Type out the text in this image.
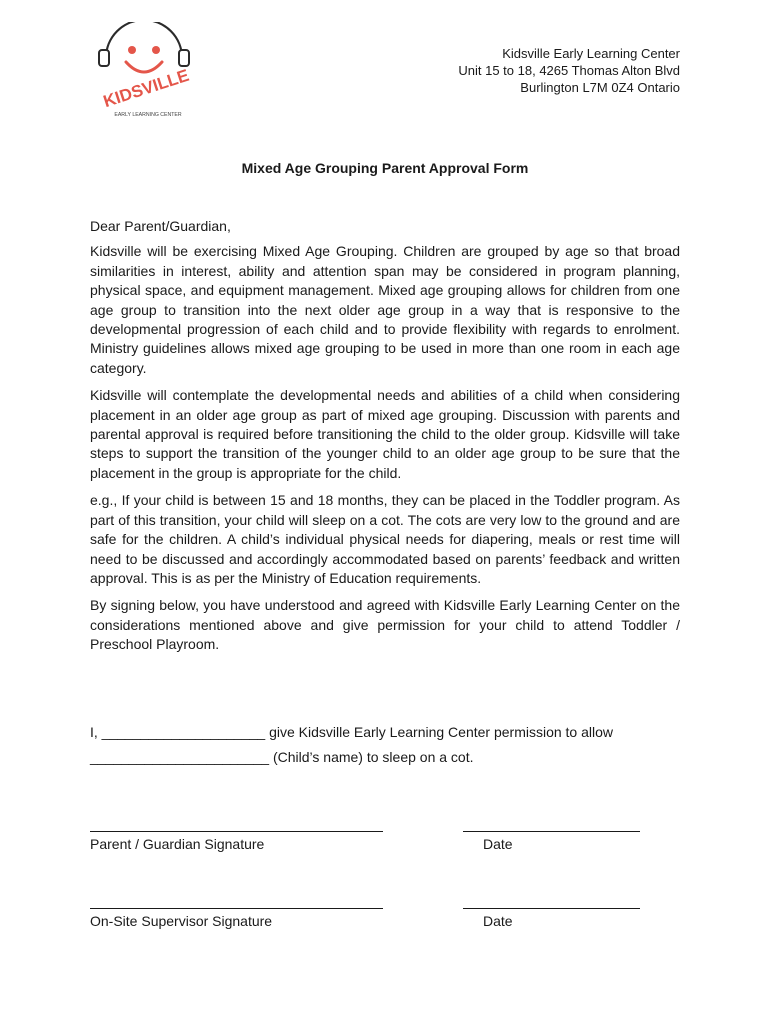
KIDSVILLE
EARLY LEARNING CENTER
Kidsville Early Learning Center
Unit 15 to 18, 4265 Thomas Alton Blvd
Burlington L7M 0Z4 Ontario
Mixed Age Grouping Parent Approval Form

Dear Parent/Guardian,

Kidsville will be exercising Mixed Age Grouping. Children are grouped by age so that broad similarities in interest, ability and attention span may be considered in program planning, physical space, and equipment management. Mixed age grouping allows for children from one age group to transition into the next older age group in a way that is responsive to the developmental progression of each child and to provide flexibility with regards to enrolment. Ministry guidelines allows mixed age grouping to be used in more than one room in each age category.

Kidsville will contemplate the developmental needs and abilities of a child when considering placement in an older age group as part of mixed age grouping. Discussion with parents and parental approval is required before transitioning the child to the older group. Kidsville will take steps to support the transition of the younger child to an older age group to be sure that the placement in the group is appropriate for the child.

e.g., If your child is between 15 and 18 months, they can be placed in the Toddler program. As part of this transition, your child will sleep on a cot. The cots are very low to the ground and are safe for the children. A child’s individual physical needs for diapering, meals or rest time will need to be discussed and accordingly accommodated based on parents’ feedback and written approval. This is as per the Ministry of Education requirements.

By signing below, you have understood and agreed with Kidsville Early Learning Center on the considerations mentioned above and give permission for your child to attend Toddler / Preschool Playroom.

I, _____________________ give Kidsville Early Learning Center permission to allow
_______________________ (Child’s name) to sleep on a cot.
Parent / Guardian Signature	Date
On-Site Supervisor Signature	Date
